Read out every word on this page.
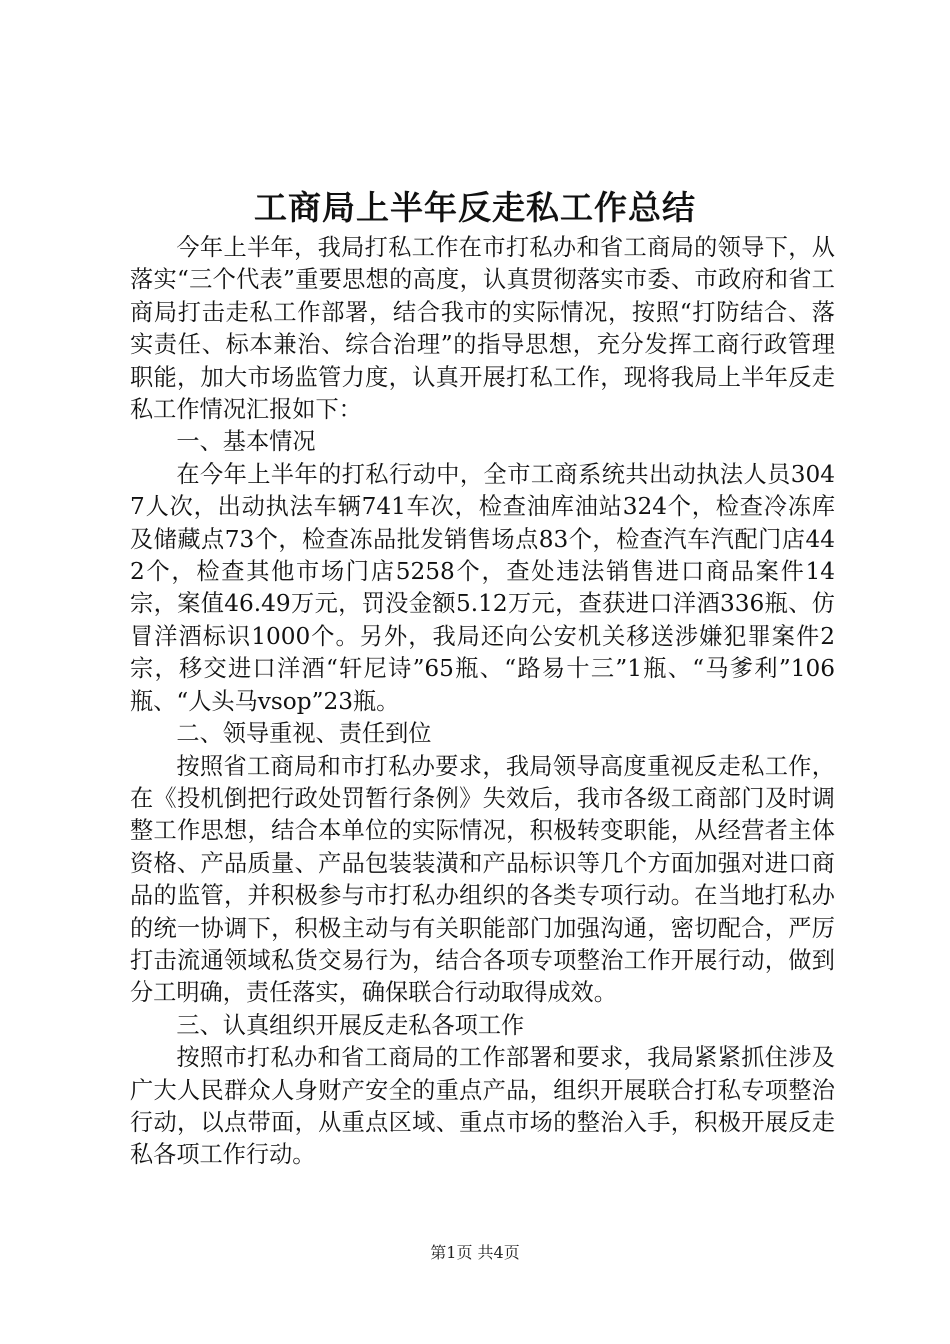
工商局上半年反走私工作总结

今年上半年，我局打私工作在市打私办和省工商局的领导下，从落实“三个代表”重要思想的高度，认真贯彻落实市委、市政府和省工商局打击走私工作部署，结合我市的实际情况，按照“打防结合、落实责任、标本兼治、综合治理”的指导思想，充分发挥工商行政管理职能，加大市场监管力度，认真开展打私工作，现将我局上半年反走私工作情况汇报如下：

一、基本情况

在今年上半年的打私行动中，全市工商系统共出动执法人员3047人次，出动执法车辆741车次，检查油库油站324个，检查冷冻库及储藏点73个，检查冻品批发销售场点83个，检查汽车汽配门店442个，检查其他市场门店5258个，查处违法销售进口商品案件14宗，案值46.49万元，罚没金额5.12万元，查获进口洋酒336瓶、仿冒洋酒标识1000个。另外，我局还向公安机关移送涉嫌犯罪案件2宗，移交进口洋酒“轩尼诗”65瓶、“路易十三”1瓶、“马爹利”106瓶、“人头马vsop”23瓶。

二、领导重视、责任到位

按照省工商局和市打私办要求，我局领导高度重视反走私工作，在《投机倒把行政处罚暂行条例》失效后，我市各级工商部门及时调整工作思想，结合本单位的实际情况，积极转变职能，从经营者主体资格、产品质量、产品包装装潢和产品标识等几个方面加强对进口商品的监管，并积极参与市打私办组织的各类专项行动。在当地打私办的统一协调下，积极主动与有关职能部门加强沟通，密切配合，严厉打击流通领域私货交易行为，结合各项专项整治工作开展行动，做到分工明确，责任落实，确保联合行动取得成效。

三、认真组织开展反走私各项工作

按照市打私办和省工商局的工作部署和要求，我局紧紧抓住涉及广大人民群众人身财产安全的重点产品，组织开展联合打私专项整治行动，以点带面，从重点区域、重点市场的整治入手，积极开展反走私各项工作行动。

第1页 共4页
